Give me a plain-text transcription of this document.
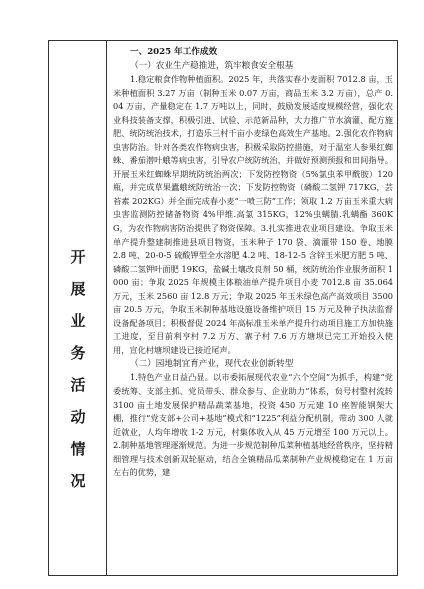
开
展
业
务
活
动
情
况

一、2025 年工作成效

（一）农业生产稳推进，筑牢粮食安全根基

1.稳定粮食作物种植面积。2025 年，共落实春小麦面积 7012.8 亩，玉米种植面积 3.27 万亩（制种玉米 0.07 万亩，商品玉米 3.2 万亩），总产 0.04 万亩，产量稳定在 1.7 万吨以上，同时，鼓励发展适度规模经营，强化农业科技装备支撑，积极引进、试验、示范新品种，大力推广节水滴灌、配方施肥、统防统治技术，打造乐三村千亩小麦绿色高效生产基地。2.强化农作物病虫害防治。针对各类农作物病虫害，积极采取防控措施，对于温室人参果红蜘蛛、番茄潜叶蛾等病虫害，引导农户统防统治，并做好预测预报和田间指导。开展玉米红蜘蛛早期统防统治两次；下发防控物资（5%氯虫苯甲酰胺）120 瓶，并完成草果蠹蛾统防统治一次；下发防控物资（磷酸二氢钾 717KG，芸苔素 202KG）并全面完成春小麦“一喷三防”工作；领取 1.2 万亩玉米重大病虫害监测防控储备物资 4%甲维.高氯 315KG，12%虫螨腈.乳螨酯 360KG，为农作物病害防治提供了物资保障。3.扎实推进农业项目建设。争取玉米单产提升整建制推进县项目物资，玉米种子 170 袋、滴灌带 150 卷、地膜 2.8 吨、20-0-5 硫酸钾型全水溶肥 4.2 吨、18-12-5 含锌玉米肥方肥 5 吨、磷酸二氢钾叶面肥 19KG，盐碱土壤改良剂 50 桶，统防统治作业服务面积 1000 亩；争取 2025 年规模主体粮油单产提升项目小麦 7012.8 亩 35.064 万元，玉米 2560 亩 12.8 万元；争取 2025 年玉米绿色高产高效项目 3500 亩 20.5 万元，争取玉米制种基地设施设备维护项目 15 万元及种子执法监督设备配备项目；积极督促 2024 年高标准玉米单产提升行动项目施工方加快施工进度，至目前利亨村 7.2 万方、寨子村 7.6 万方塘坝已完工开始投入使用，宣化村塘坝建设已接近尾声。

（二）园地制宜育产业，现代农业创新转型

1.特色产业日益凸显。以市委拓展现代农业“六个空间”为抓手，构建“党委统筹、支部主抓、党员带头、群众参与、企业助力”体系，贠号村整村流转 3100 亩土地发展保护精品蔬菜基地，投资 450 万元建 10 座智能钢架大棚，推行“党支部+公司+基地”模式和“1225”利益分配机制，带动 300 人就近就业，人均年增收 1-2 万元，村集体收入从 45 万元增至 100 万元以上。2.制种基地管理逐渐规范。为进一步规范制种瓜菜种植基地经营秩序，坚持精细管理与技术创新双轮驱动，结合全镇精品瓜菜制种产业规模稳定在 1 万亩左右的优势，建
